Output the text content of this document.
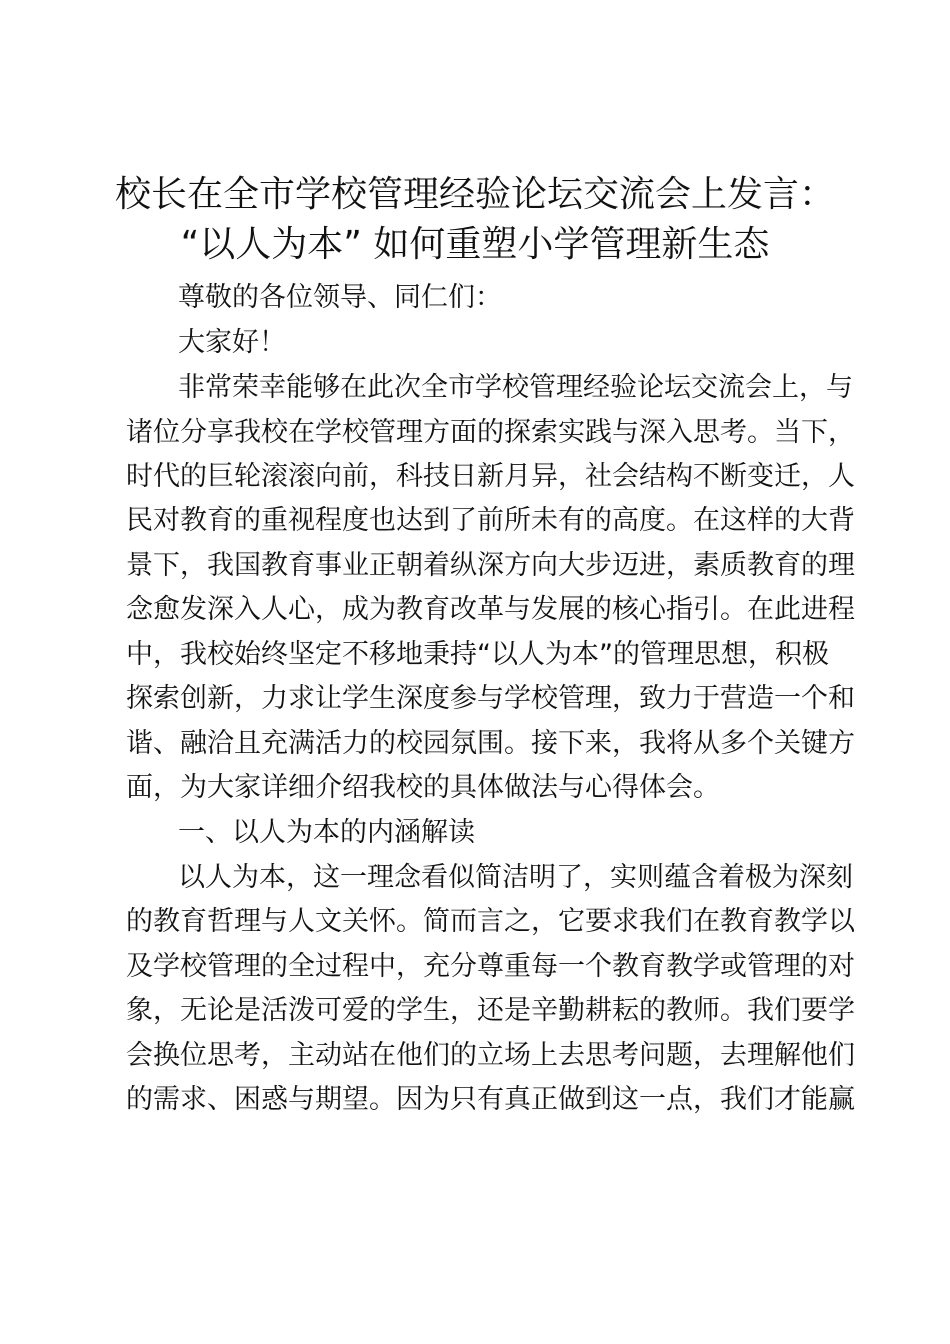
校长在全市学校管理经验论坛交流会上发言：
“以人为本” 如何重塑小学管理新生态
尊敬的各位领导、同仁们：
大家好！
非常荣幸能够在此次全市学校管理经验论坛交流会上，与
诸位分享我校在学校管理方面的探索实践与深入思考。当下，
时代的巨轮滚滚向前，科技日新月异，社会结构不断变迁，人
民对教育的重视程度也达到了前所未有的高度。在这样的大背
景下，我国教育事业正朝着纵深方向大步迈进，素质教育的理
念愈发深入人心，成为教育改革与发展的核心指引。在此进程
中，我校始终坚定不移地秉持“以人为本”的管理思想，积极
探索创新，力求让学生深度参与学校管理，致力于营造一个和
谐、融洽且充满活力的校园氛围。接下来，我将从多个关键方
面，为大家详细介绍我校的具体做法与心得体会。
一、以人为本的内涵解读
以人为本，这一理念看似简洁明了，实则蕴含着极为深刻
的教育哲理与人文关怀。简而言之，它要求我们在教育教学以
及学校管理的全过程中，充分尊重每一个教育教学或管理的对
象，无论是活泼可爱的学生，还是辛勤耕耘的教师。我们要学
会换位思考，主动站在他们的立场上去思考问题，去理解他们
的需求、困惑与期望。因为只有真正做到这一点，我们才能赢
